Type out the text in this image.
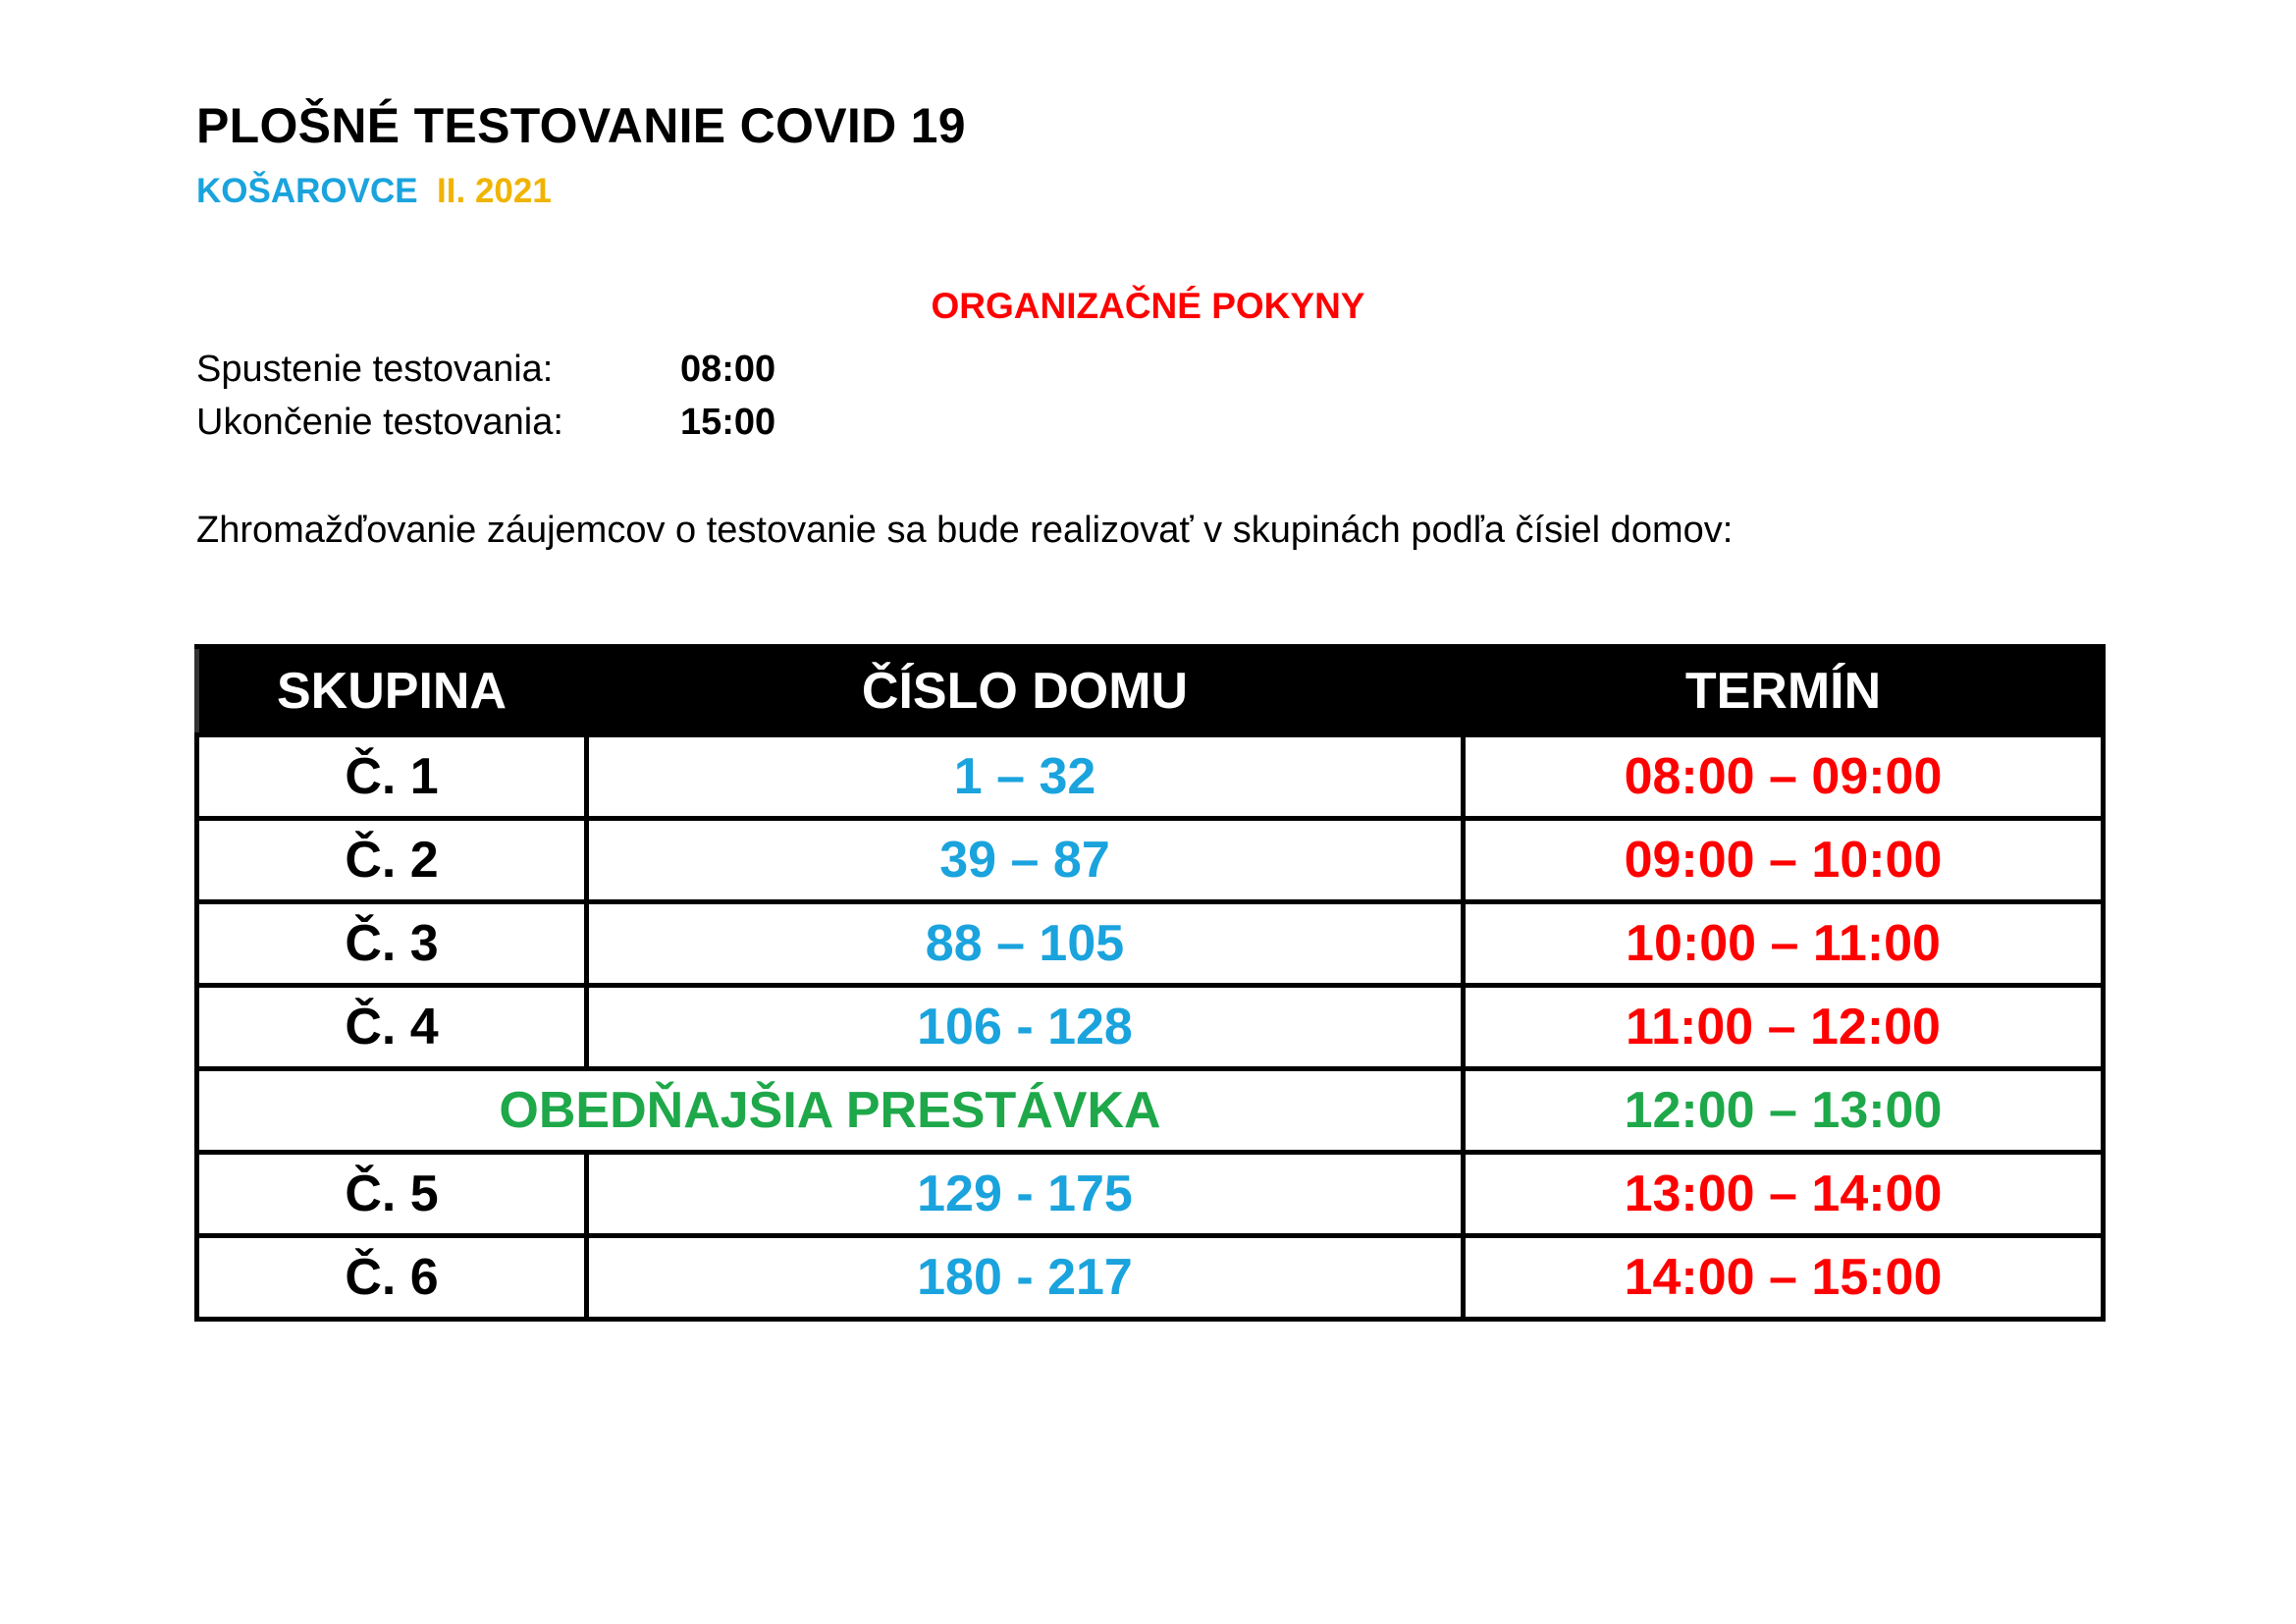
PLOŠNÉ TESTOVANIE COVID 19
KOŠAROVCE II. 2021
ORGANIZAČNÉ POKYNY
Spustenie testovania:	08:00
Ukončenie testovania:	15:00
Zhromažďovanie záujemcov o testovanie sa bude realizovať v skupinách podľa čísiel domov:
SKUPINA	ČÍSLO DOMU	TERMÍN
Č. 1	1 – 32	08:00 – 09:00
Č. 2	39 – 87	09:00 – 10:00
Č. 3	88 – 105	10:00 – 11:00
Č. 4	106 - 128	11:00 – 12:00
OBEDŇAJŠIA PRESTÁVKA		12:00 – 13:00
Č. 5	129 - 175	13:00 – 14:00
Č. 6	180 - 217	14:00 – 15:00
